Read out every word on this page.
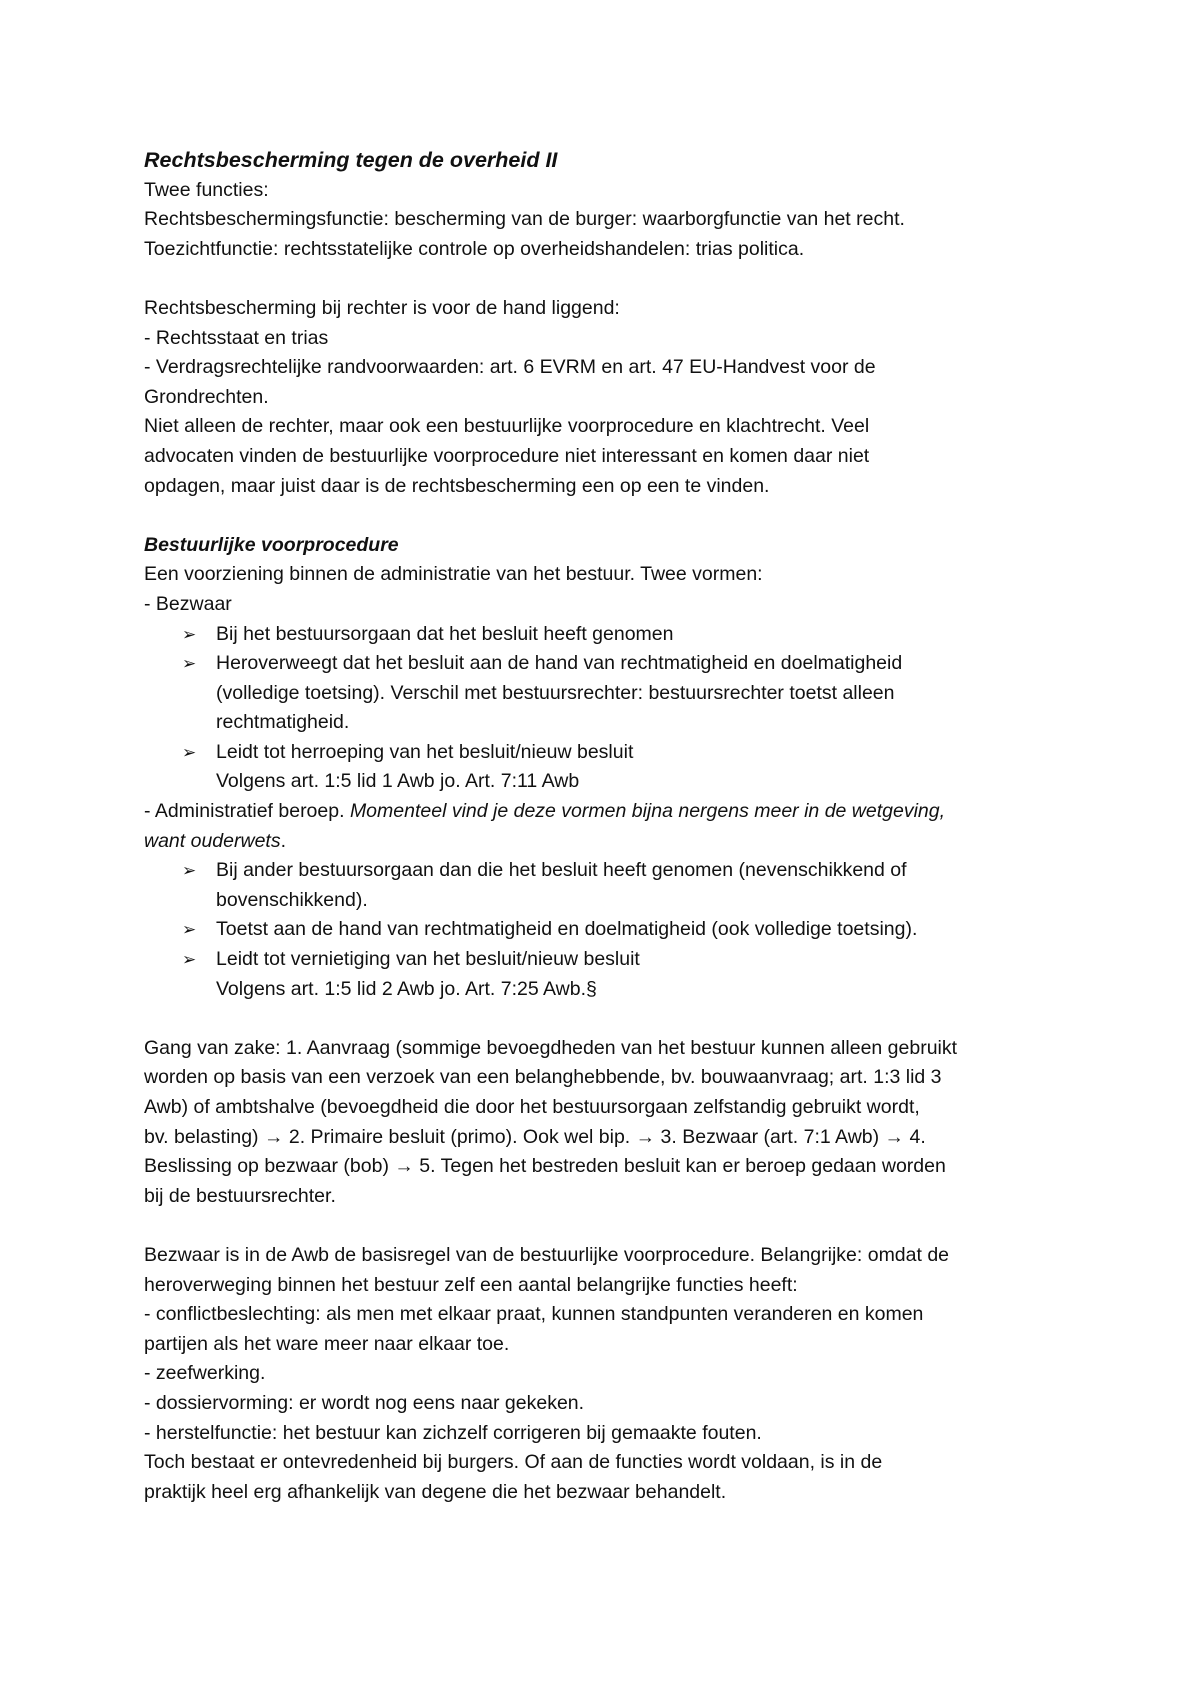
Rechtsbescherming tegen de overheid II
Twee functies:
Rechtsbeschermingsfunctie: bescherming van de burger: waarborgfunctie van het recht.
Toezichtfunctie: rechtsstatelijke controle op overheidshandelen: trias politica.
Rechtsbescherming bij rechter is voor de hand liggend:
- Rechtsstaat en trias
- Verdragsrechtelijke randvoorwaarden: art. 6 EVRM en art. 47 EU-Handvest voor de
Grondrechten.
Niet alleen de rechter, maar ook een bestuurlijke voorprocedure en klachtrecht. Veel
advocaten vinden de bestuurlijke voorprocedure niet interessant en komen daar niet
opdagen, maar juist daar is de rechtsbescherming een op een te vinden.
Bestuurlijke voorprocedure
Een voorziening binnen de administratie van het bestuur. Twee vormen:
- Bezwaar
➢	Bij het bestuursorgaan dat het besluit heeft genomen
➢	Heroverweegt dat het besluit aan de hand van rechtmatigheid en doelmatigheid
(volledige toetsing). Verschil met bestuursrechter: bestuursrechter toetst alleen
rechtmatigheid.
➢	Leidt tot herroeping van het besluit/nieuw besluit
Volgens art. 1:5 lid 1 Awb jo. Art. 7:11 Awb
- Administratief beroep. Momenteel vind je deze vormen bijna nergens meer in de wetgeving,
want ouderwets.
➢	Bij ander bestuursorgaan dan die het besluit heeft genomen (nevenschikkend of
bovenschikkend).
➢	Toetst aan de hand van rechtmatigheid en doelmatigheid (ook volledige toetsing).
➢	Leidt tot vernietiging van het besluit/nieuw besluit
Volgens art. 1:5 lid 2 Awb jo. Art. 7:25 Awb.§
Gang van zake: 1. Aanvraag (sommige bevoegdheden van het bestuur kunnen alleen gebruikt
worden op basis van een verzoek van een belanghebbende, bv. bouwaanvraag; art. 1:3 lid 3
Awb) of ambtshalve (bevoegdheid die door het bestuursorgaan zelfstandig gebruikt wordt,
bv. belasting) → 2. Primaire besluit (primo). Ook wel bip. → 3. Bezwaar (art. 7:1 Awb) → 4.
Beslissing op bezwaar (bob) → 5. Tegen het bestreden besluit kan er beroep gedaan worden
bij de bestuursrechter.
Bezwaar is in de Awb de basisregel van de bestuurlijke voorprocedure. Belangrijke: omdat de
heroverweging binnen het bestuur zelf een aantal belangrijke functies heeft:
- conflictbeslechting: als men met elkaar praat, kunnen standpunten veranderen en komen
partijen als het ware meer naar elkaar toe.
- zeefwerking.
- dossiervorming: er wordt nog eens naar gekeken.
- herstelfunctie: het bestuur kan zichzelf corrigeren bij gemaakte fouten.
Toch bestaat er ontevredenheid bij burgers. Of aan de functies wordt voldaan, is in de
praktijk heel erg afhankelijk van degene die het bezwaar behandelt.
